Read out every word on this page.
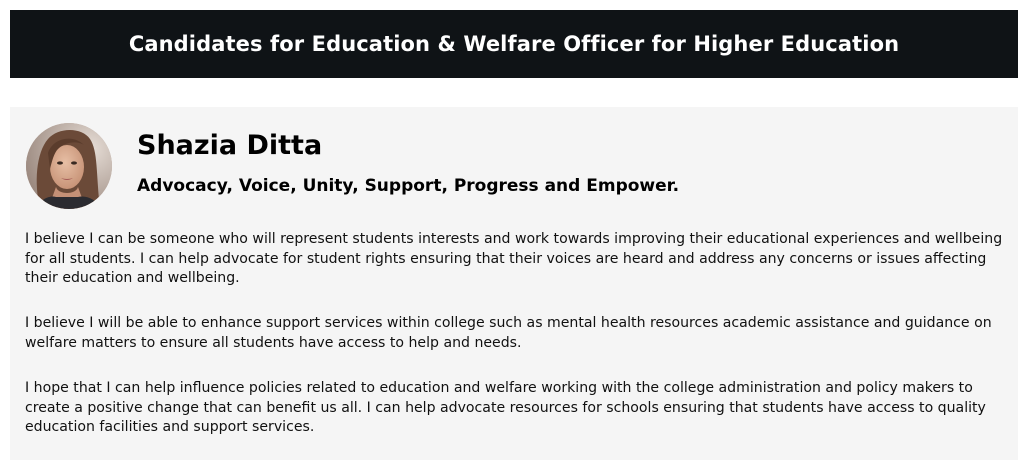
Candidates for Education & Welfare Officer for Higher Education
Shazia Ditta
Advocacy, Voice, Unity, Support, Progress and Empower.

I believe I can be someone who will represent students interests and work towards improving their educational experiences and wellbeing for all students. I can help advocate for student rights ensuring that their voices are heard and address any concerns or issues affecting their education and wellbeing.

I believe I will be able to enhance support services within college such as mental health resources academic assistance and guidance on welfare matters to ensure all students have access to help and needs.

I hope that I can help influence policies related to education and welfare working with the college administration and policy makers to create a positive change that can benefit us all. I can help advocate resources for schools ensuring that students have access to quality education facilities and support services.
